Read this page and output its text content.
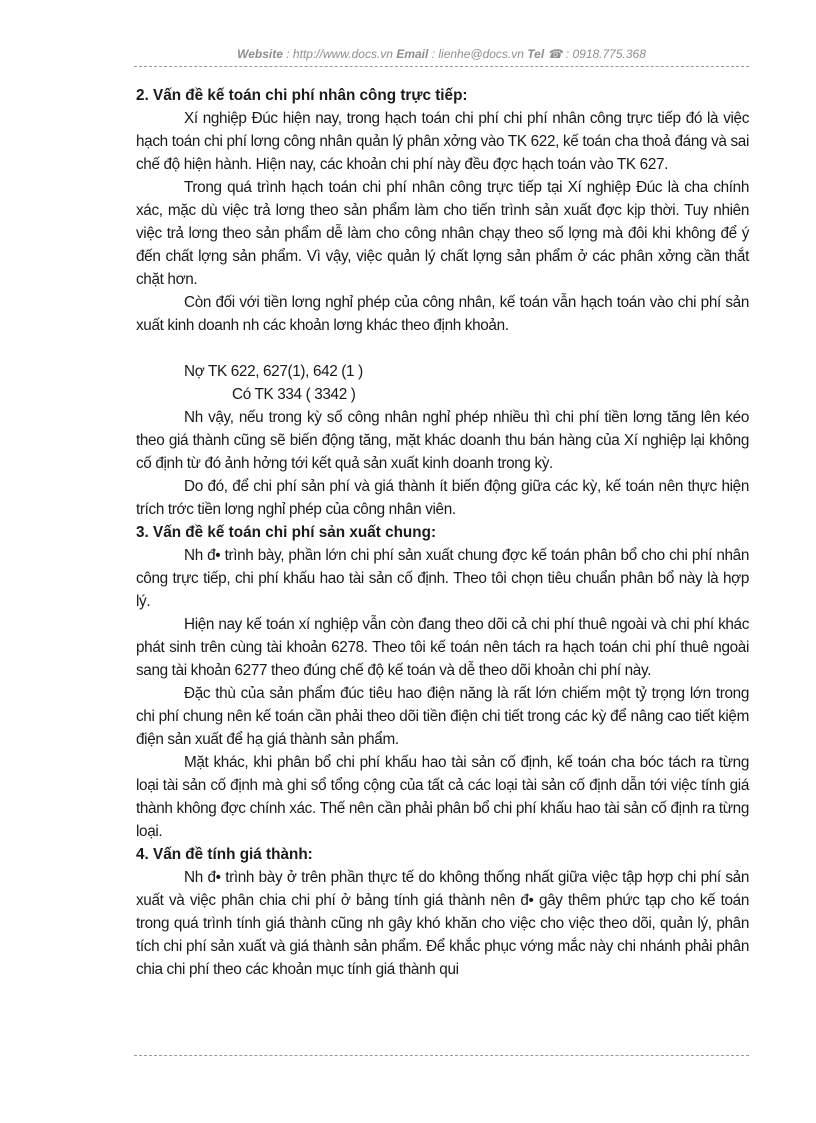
Website : http://www.docs.vn Email : lienhe@docs.vn Tel ☎ : 0918.775.368

2. Vấn đề kế toán chi phí nhân công trực tiếp:

Xí nghiệp Đúc hiện nay, trong hạch toán chi phí chi phí nhân công trực tiếp đó là việc hạch toán chi phí lơng công nhân quản lý phân xởng vào TK 622, kế toán cha thoả đáng và sai chế độ hiện hành. Hiện nay, các khoản chi phí này đều đợc hạch toán vào TK 627.

Trong quá trình hạch toán chi phí nhân công trực tiếp tại Xí nghiệp Đúc là cha chính xác, mặc dù việc trả lơng theo sản phẩm làm cho tiến trình sản xuất đợc kịp thời. Tuy nhiên việc trả lơng theo sản phẩm dễ làm cho công nhân chạy theo số lợng mà đôi khi không để ý đến chất lợng sản phẩm. Vì vậy, việc quản lý chất lợng sản phẩm ở các phân xởng cần thắt chặt hơn.

Còn đối với tiền lơng nghỉ phép của công nhân, kế toán vẫn hạch toán vào chi phí sản xuất kinh doanh nh các khoản lơng khác theo định khoản.

Nợ TK 622, 627(1), 642 (1 )

Có TK 334 ( 3342 )

Nh vậy, nếu trong kỳ số công nhân nghỉ phép nhiều thì chi phí tiền lơng tăng lên kéo theo giá thành cũng sẽ biến động tăng, mặt khác doanh thu bán hàng của Xí nghiệp lại không cố định từ đó ảnh hởng tới kết quả sản xuất kinh doanh trong kỳ.

Do đó, để chi phí sản phí và giá thành ít biến động giữa các kỳ, kế toán nên thực hiện trích trớc tiền lơng nghỉ phép của công nhân viên.

3. Vấn đề kế toán chi phí sản xuất chung:

Nh đ• trình bày, phần lớn chi phí sản xuất chung đợc kế toán phân bổ cho chi phí nhân công trực tiếp, chi phí khấu hao tài sản cố định. Theo tôi chọn tiêu chuẩn phân bổ này là hợp lý.

Hiện nay kế toán xí nghiệp vẫn còn đang theo dõi cả chi phí thuê ngoài và chi phí khác phát sinh trên cùng tài khoản 6278. Theo tôi kế toán nên tách ra hạch toán chi phí thuê ngoài sang tài khoản 6277 theo đúng chế độ kế toán và dễ theo dõi khoản chi phí này.

Đặc thù của sản phẩm đúc tiêu hao điện năng là rất lớn chiếm một tỷ trọng lớn trong chi phí chung nên kế toán cần phải theo dõi tiền điện chi tiết trong các kỳ để nâng cao tiết kiệm điện sản xuất để hạ giá thành sản phẩm.

Mặt khác, khi phân bổ chi phí khấu hao tài sản cố định, kế toán cha bóc tách ra từng loại tài sản cố định mà ghi sổ tổng cộng của tất cả các loại tài sản cố định dẫn tới việc tính giá thành không đợc chính xác. Thế nên cần phải phân bổ chi phí khấu hao tài sản cố định ra từng loại.

4. Vấn đề tính giá thành:

Nh đ• trình bày ở trên phần thực tế do không thống nhất giữa việc tập hợp chi phí sản xuất và việc phân chia chi phí ở bảng tính giá thành nên đ• gây thêm phức tạp cho kế toán trong quá trình tính giá thành cũng nh gây khó khăn cho việc cho việc theo dõi, quản lý, phân tích chi phí sản xuất và giá thành sản phẩm. Để khắc phục vớng mắc này chi nhánh phải phân chia chi phí theo các khoản mục tính giá thành qui
